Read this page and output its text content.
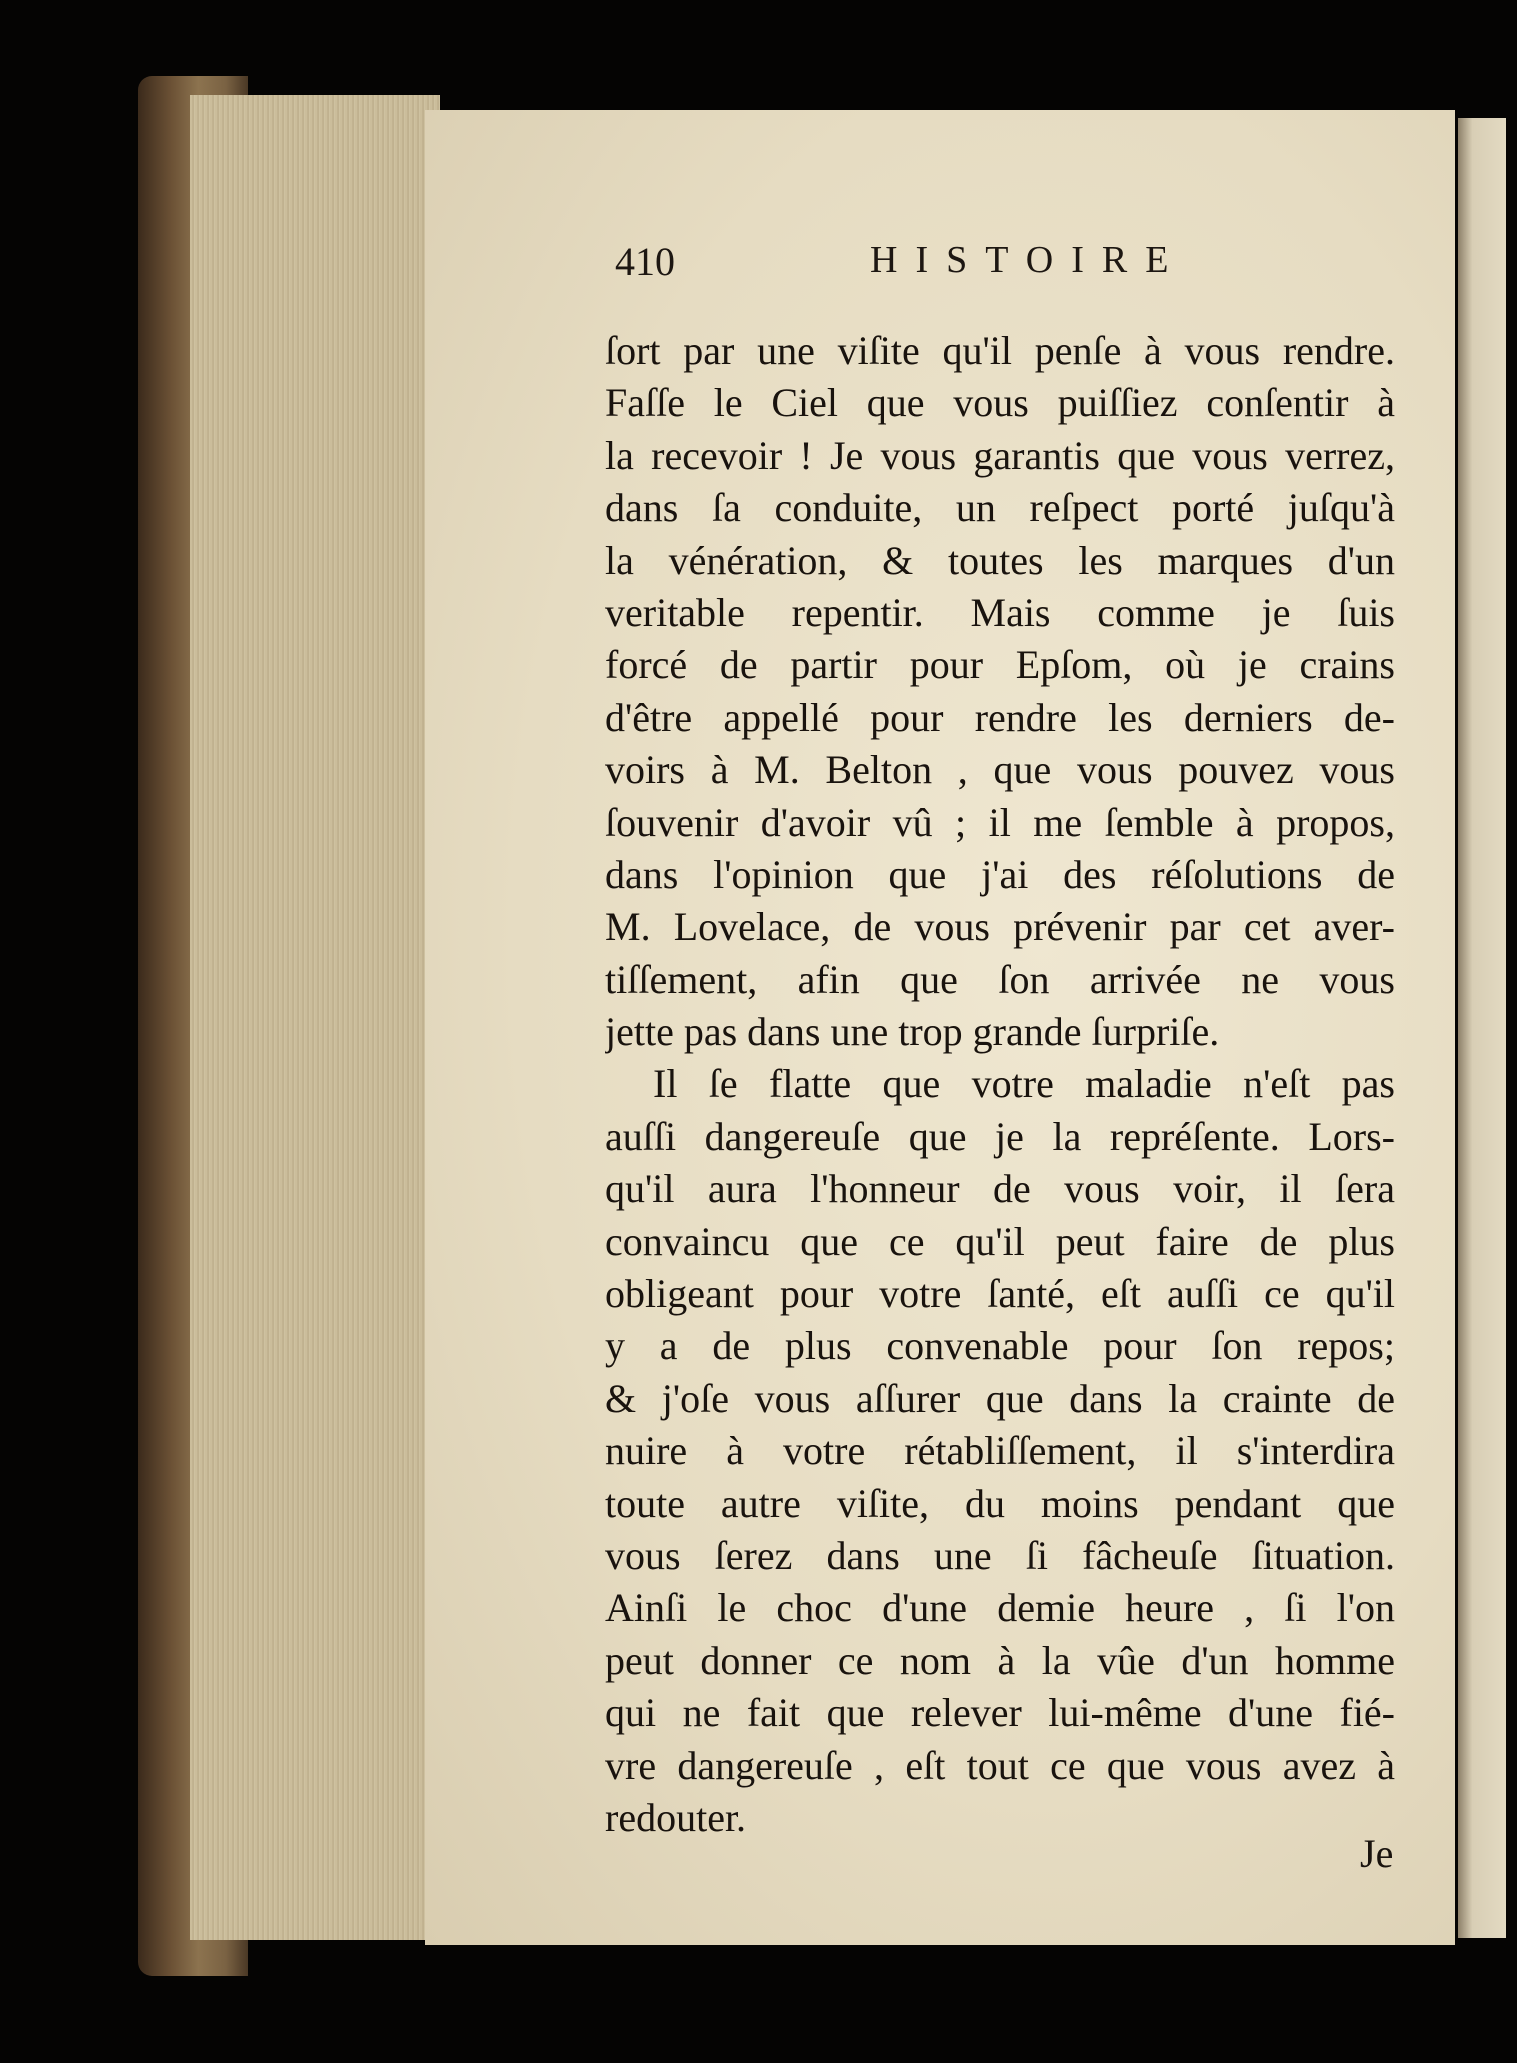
410	HISTOIRE
ſort par une viſite qu'il penſe à vous rendre.
Faſſe le Ciel que vous puiſſiez conſentir à
la recevoir ! Je vous garantis que vous verrez,
dans ſa conduite, un reſpect porté juſqu'à
la vénération, & toutes les marques d'un
veritable repentir. Mais comme je ſuis
forcé de partir pour Epſom, où je crains
d'être appellé pour rendre les derniers de-
voirs à M. Belton , que vous pouvez vous
ſouvenir d'avoir vû ; il me ſemble à propos,
dans l'opinion que j'ai des réſolutions de
M. Lovelace, de vous prévenir par cet aver-
tiſſement, afin que ſon arrivée ne vous
jette pas dans une trop grande ſurpriſe.
Il ſe flatte que votre maladie n'eſt pas
auſſi dangereuſe que je la repréſente. Lors-
qu'il aura l'honneur de vous voir, il ſera
convaincu que ce qu'il peut faire de plus
obligeant pour votre ſanté, eſt auſſi ce qu'il
y a de plus convenable pour ſon repos;
& j'oſe vous aſſurer que dans la crainte de
nuire à votre rétabliſſement, il s'interdira
toute autre viſite, du moins pendant que
vous ſerez dans une ſi fâcheuſe ſituation.
Ainſi le choc d'une demie heure , ſi l'on
peut donner ce nom à la vûe d'un homme
qui ne fait que relever lui-même d'une fié-
vre dangereuſe , eſt tout ce que vous avez à
redouter.
Je
